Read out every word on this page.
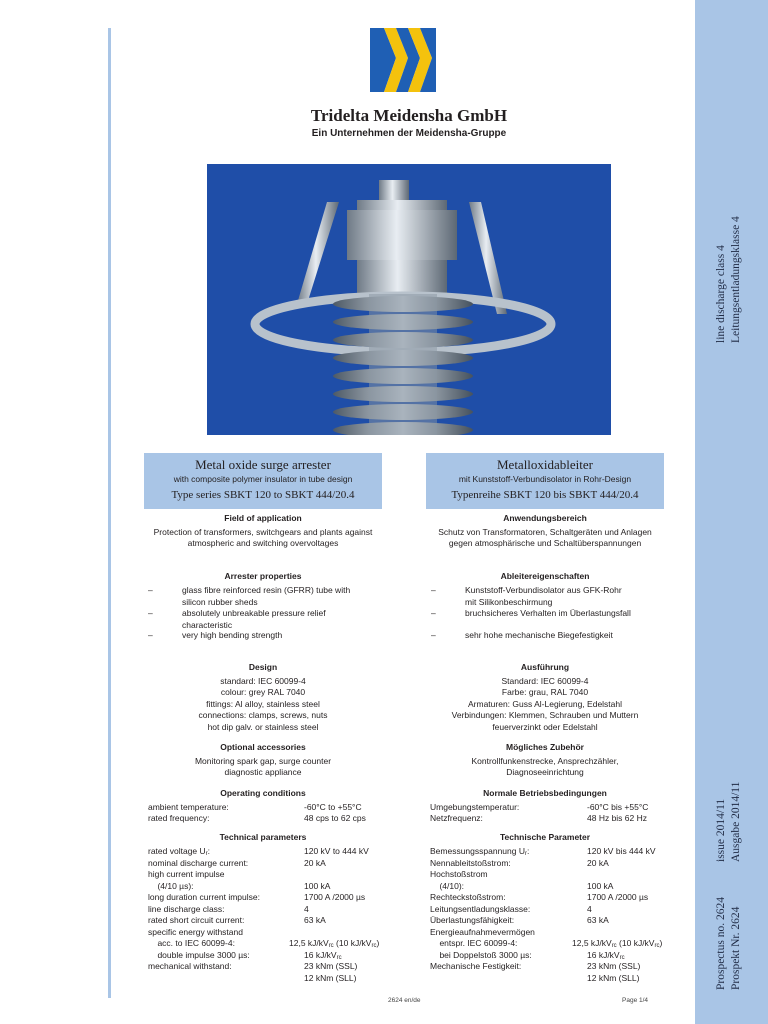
line discharge class 4 Leitungsentladungsklasse 4
issue 2014/11 Ausgabe 2014/11
Prospectus no. 2624 Prospekt Nr. 2624
Tridelta Meidensha GmbH
Ein Unternehmen der Meidensha-Gruppe
Metal oxide surge arrester
with composite polymer insulator in tube design
Type series SBKT 120 to SBKT 444/20.4
Metalloxidableiter
mit Kunststoff-Verbundisolator in Rohr-Design
Typenreihe SBKT 120 bis SBKT 444/20.4
Field of application
Protection of transformers, switchgears and plants against
atmospheric and switching overvoltages
Arrester properties
–	glass fibre reinforced resin (GFRR) tube with
silicon rubber sheds
–	absolutely unbreakable pressure relief
characteristic
–	very high bending strength
Design
standard: IEC 60099-4
colour: grey RAL 7040
fittings: Al alloy, stainless steel
connections: clamps, screws, nuts
hot dip galv. or stainless steel
Optional accessories
Monitoring spark gap, surge counter
diagnostic appliance
Operating conditions
ambient temperature:	-60°C to +55°C
rated frequency:	48 cps to 62 cps
Technical parameters
Anwendungsbereich
Schutz von Transformatoren, Schaltgeräten und Anlagen
gegen atmosphärische und Schaltüberspannungen
Ableitereigenschaften
–	Kunststoff-Verbundisolator aus GFK-Rohr
mit Silikonbeschirmung
–	bruchsicheres Verhalten im Überlastungsfall
–	sehr hohe mechanische Biegefestigkeit
Ausführung
Standard: IEC 60099-4
Farbe: grau, RAL 7040
Armaturen: Guss Al-Legierung, Edelstahl
Verbindungen: Klemmen, Schrauben und Muttern
feuerverzinkt oder Edelstahl
Mögliches Zubehör
Kontrollfunkenstrecke, Ansprechzähler,
Diagnoseeinrichtung
Normale Betriebsbedingungen
Umgebungstemperatur:	-60°C bis +55°C
Netzfrequenz:	48 Hz bis 62 Hz
Technische Parameter
2624 en/de	Page 1/4
rated voltage $U_r$:	120 kV to 444 kV
nominal discharge current:	20 kA
high current impulse
(4/10 µs):	100 kA
long duration current impulse:	1700 A /2000 µs
line discharge class:	4
rated short circuit current:	63 kA
specific energy withstand
acc. to IEC 60099-4:	12,5 $kJ/kV_{rc}$ (10 $kJ/kV_{rc}$)
double impulse 3000 µs:	16 $kJ/kV_{rc}$
mechanical withstand:	23 kNm (SSL)
12 kNm (SLL)
Bemessungsspannung $U_r$:	120 kV bis 444 kV
Nennableitstoßstrom:	20 kA
Hochstoßstrom
(4/10):	100 kA
Rechteckstoßstrom:	1700 A /2000 µs
Leitungsentladungsklasse:	4
Überlastungsfähigkeit:	63 kA
Energieaufnahmevermögen
entspr. IEC 60099-4:	12,5 $kJ/kV_{rc}$ (10 $kJ/kV_{rc}$)
bei Doppelstoß 3000 µs:	16 $kJ/kV_{rc}$
Mechanische Festigkeit:	23 kNm (SSL)
12 kNm (SLL)
